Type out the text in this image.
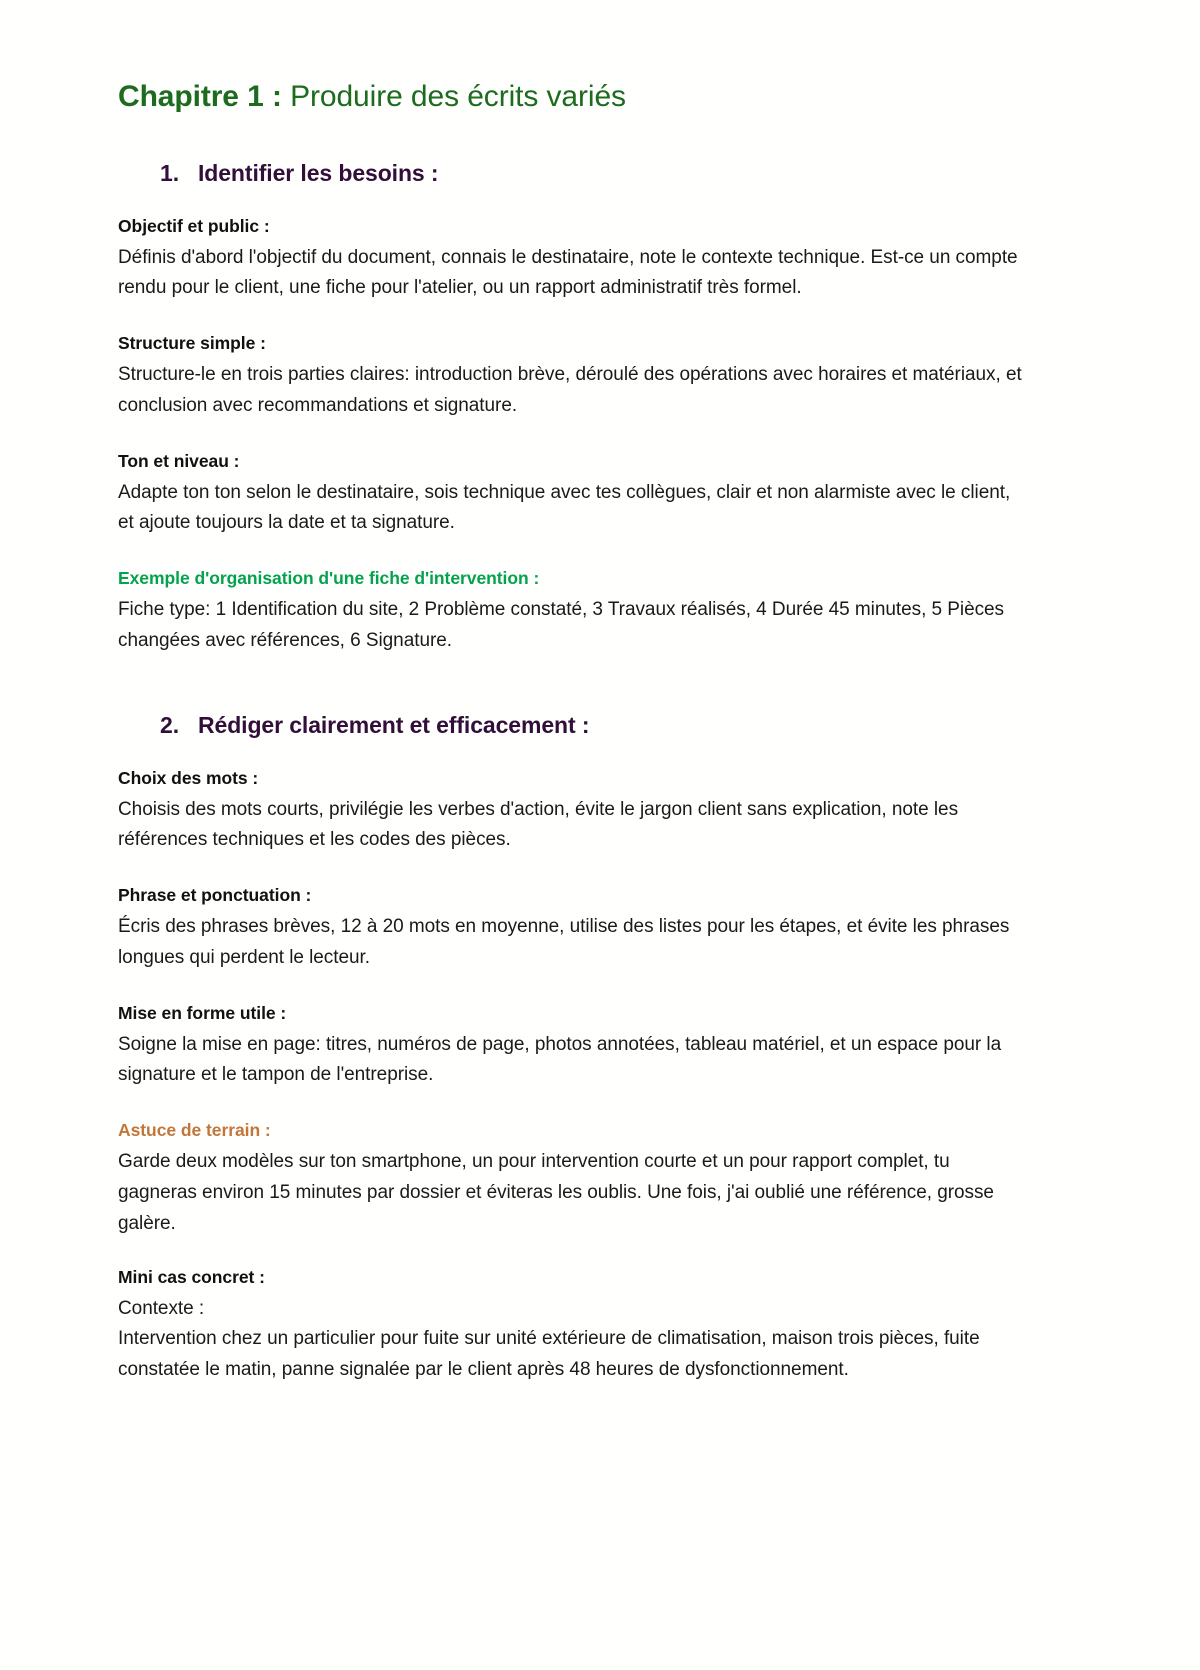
Chapitre 1 : Produire des écrits variés
1. Identifier les besoins :
Objectif et public :

Définis d'abord l'objectif du document, connais le destinataire, note le contexte technique. Est-ce un compte rendu pour le client, une fiche pour l'atelier, ou un rapport administratif très formel.

Structure simple :

Structure-le en trois parties claires: introduction brève, déroulé des opérations avec horaires et matériaux, et conclusion avec recommandations et signature.

Ton et niveau :

Adapte ton ton selon le destinataire, sois technique avec tes collègues, clair et non alarmiste avec le client, et ajoute toujours la date et ta signature.

Exemple d'organisation d'une fiche d'intervention :

Fiche type: 1 Identification du site, 2 Problème constaté, 3 Travaux réalisés, 4 Durée 45 minutes, 5 Pièces changées avec références, 6 Signature.

2. Rédiger clairement et efficacement :
Choix des mots :

Choisis des mots courts, privilégie les verbes d'action, évite le jargon client sans explication, note les références techniques et les codes des pièces.

Phrase et ponctuation :

Écris des phrases brèves, 12 à 20 mots en moyenne, utilise des listes pour les étapes, et évite les phrases longues qui perdent le lecteur.

Mise en forme utile :

Soigne la mise en page: titres, numéros de page, photos annotées, tableau matériel, et un espace pour la signature et le tampon de l'entreprise.

Astuce de terrain :

Garde deux modèles sur ton smartphone, un pour intervention courte et un pour rapport complet, tu gagneras environ 15 minutes par dossier et éviteras les oublis. Une fois, j'ai oublié une référence, grosse galère.

Mini cas concret :

Contexte :

Intervention chez un particulier pour fuite sur unité extérieure de climatisation, maison trois pièces, fuite constatée le matin, panne signalée par le client après 48 heures de dysfonctionnement.
